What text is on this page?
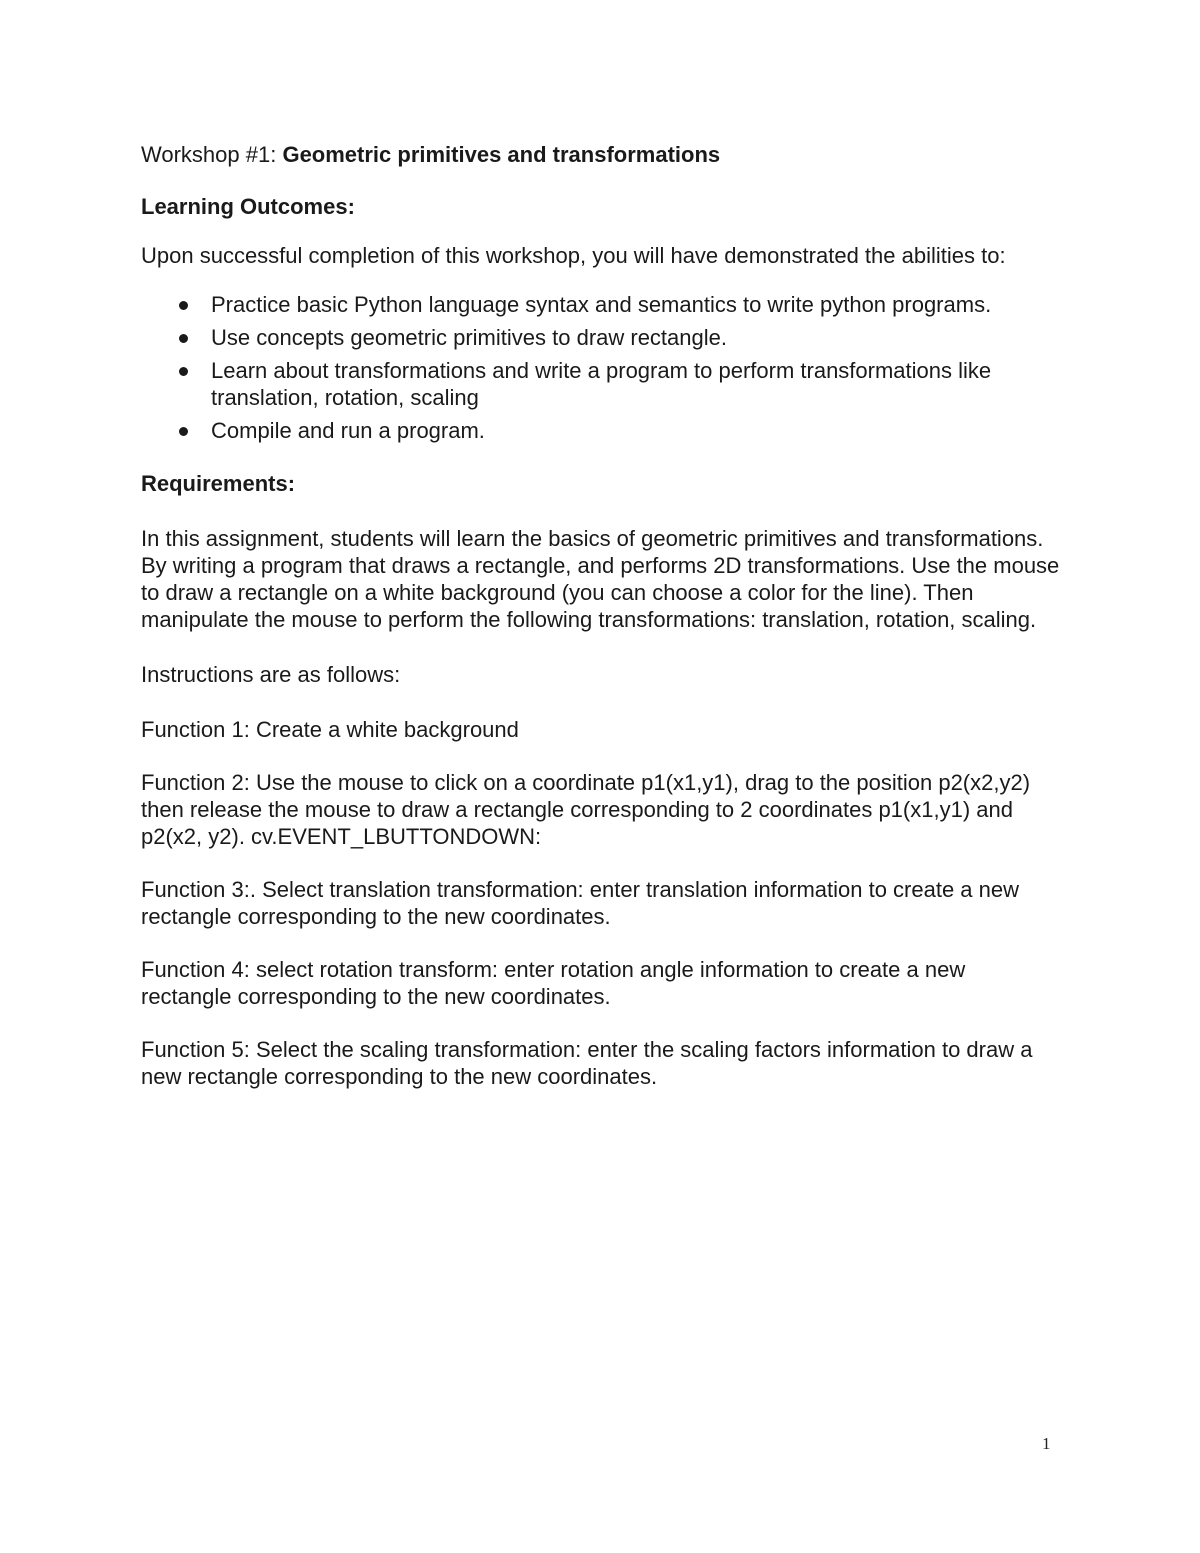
Workshop #1: Geometric primitives and transformations

Learning Outcomes:

Upon successful completion of this workshop, you will have demonstrated the abilities to:

Practice basic Python language syntax and semantics to write python programs.
Use concepts geometric primitives to draw rectangle.
Learn about transformations and write a program to perform transformations like translation, rotation, scaling
Compile and run a program.

Requirements:

In this assignment, students will learn the basics of geometric primitives and transformations. By writing a program that draws a rectangle, and performs 2D transformations. Use the mouse to draw a rectangle on a white background (you can choose a color for the line). Then manipulate the mouse to perform the following transformations: translation, rotation, scaling.

Instructions are as follows:

Function 1: Create a white background

Function 2: Use the mouse to click on a coordinate p1(x1,y1), drag to the position p2(x2,y2) then release the mouse to draw a rectangle corresponding to 2 coordinates p1(x1,y1) and p2(x2, y2). cv.EVENT_LBUTTONDOWN:

Function 3:. Select translation transformation: enter translation information to create a new rectangle corresponding to the new coordinates.

Function 4: select rotation transform: enter rotation angle information to create a new rectangle corresponding to the new coordinates.

Function 5: Select the scaling transformation: enter the scaling factors information to draw a new rectangle corresponding to the new coordinates.

1
